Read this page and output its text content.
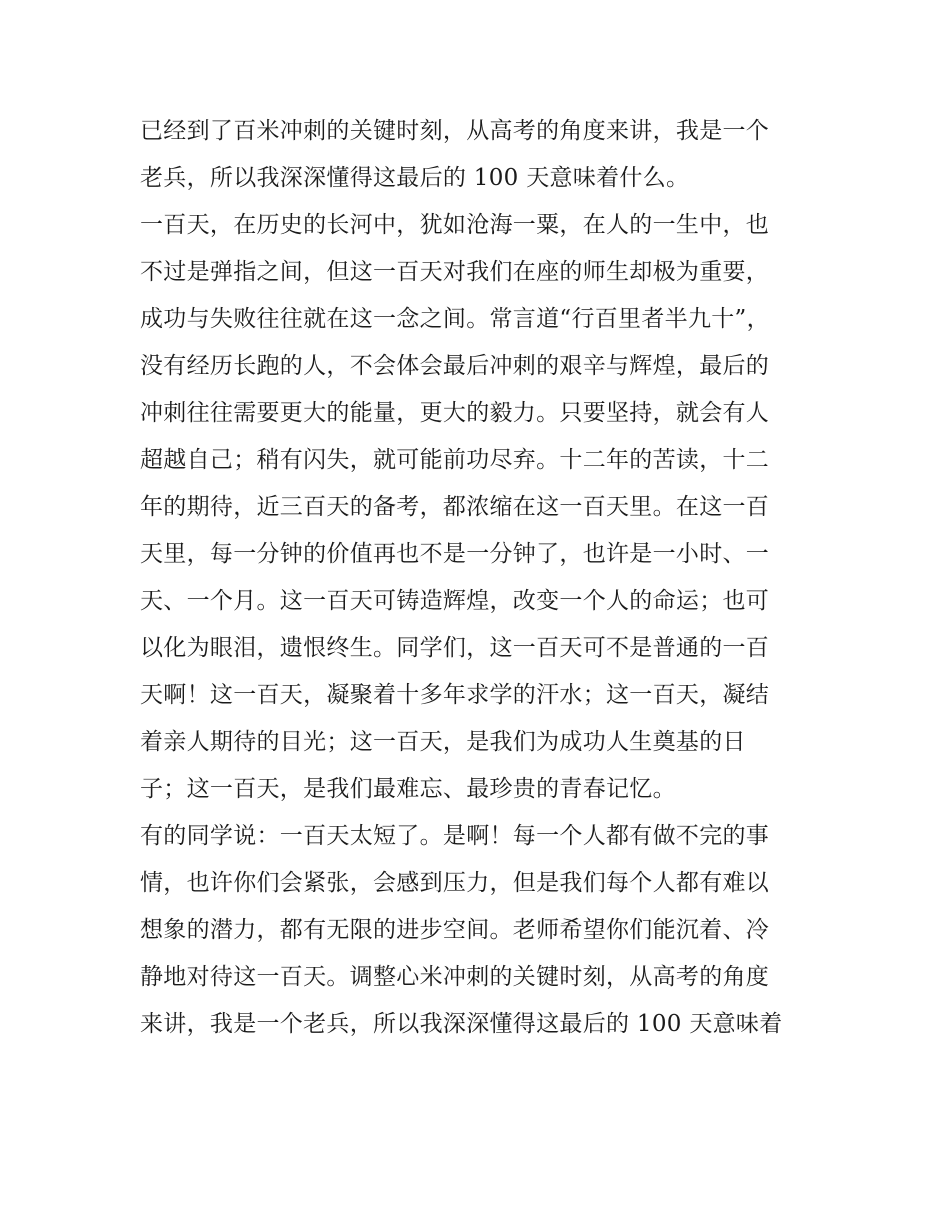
已经到了百米冲刺的关键时刻，从高考的角度来讲，我是一个
老兵，所以我深深懂得这最后的 100 天意味着什么。
一百天，在历史的长河中，犹如沧海一粟，在人的一生中，也
不过是弹指之间，但这一百天对我们在座的师生却极为重要，
成功与失败往往就在这一念之间。常言道“行百里者半九十”，
没有经历长跑的人，不会体会最后冲刺的艰辛与辉煌，最后的
冲刺往往需要更大的能量，更大的毅力。只要坚持，就会有人
超越自己；稍有闪失，就可能前功尽弃。十二年的苦读，十二
年的期待，近三百天的备考，都浓缩在这一百天里。在这一百
天里，每一分钟的价值再也不是一分钟了，也许是一小时、一
天、一个月。这一百天可铸造辉煌，改变一个人的命运；也可
以化为眼泪，遗恨终生。同学们，这一百天可不是普通的一百
天啊！这一百天，凝聚着十多年求学的汗水；这一百天，凝结
着亲人期待的目光；这一百天，是我们为成功人生奠基的日
子；这一百天，是我们最难忘、最珍贵的青春记忆。
有的同学说：一百天太短了。是啊！每一个人都有做不完的事
情，也许你们会紧张，会感到压力，但是我们每个人都有难以
想象的潜力，都有无限的进步空间。老师希望你们能沉着、冷
静地对待这一百天。调整心米冲刺的关键时刻，从高考的角度
来讲，我是一个老兵，所以我深深懂得这最后的 100 天意味着
